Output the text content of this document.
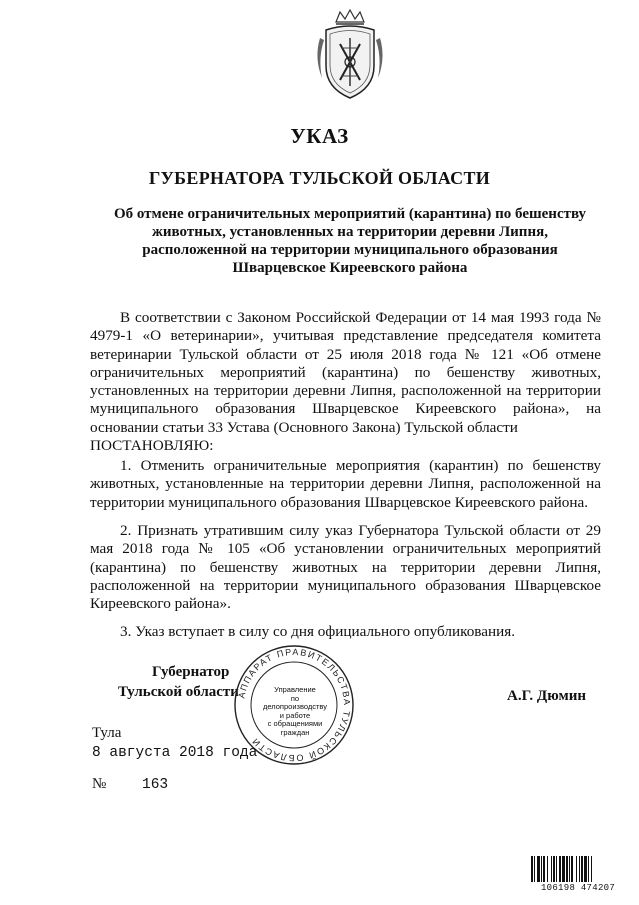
УКАЗ
ГУБЕРНАТОРА ТУЛЬСКОЙ ОБЛАСТИ
Об отмене ограничительных мероприятий (карантина) по бешенству
животных, установленных на территории деревни Липня,
расположенной на территории муниципального образования
Шварцевское Киреевского района
В соответствии с Законом Российской Федерации от 14 мая 1993 года № 4979-1 «О ветеринарии», учитывая представление председателя комитета ветеринарии Тульской области от 25 июля 2018 года № 121 «Об отмене ограничительных мероприятий (карантина) по бешенству животных, установленных на территории деревни Липня, расположенной на территории муниципального образования Шварцевское Киреевского района», на основании статьи 33 Устава (Основного Закона) Тульской области
ПОСТАНОВЛЯЮ:
1. Отменить ограничительные мероприятия (карантин) по бешенству животных, установленные на территории деревни Липня, расположенной на территории муниципального образования Шварцевское Киреевского района.
2. Признать утратившим силу указ Губернатора Тульской области от 29 мая 2018 года № 105 «Об установлении ограничительных мероприятий (карантина) по бешенству животных на территории деревни Липня, расположенной на территории муниципального образования Шварцевское Киреевского района».
3. Указ вступает в силу со дня официального опубликования.
Губернатор
Тульской области	А.Г. Дюмин
АППАРАТ ПРАВИТЕЛЬСТВА ТУЛЬСКОЙ ОБЛАСТИ
Управление
по делопроизводству
и работе
с обращениями
граждан
Тула
8 августа 2018 года
№ 163
106198 474207
